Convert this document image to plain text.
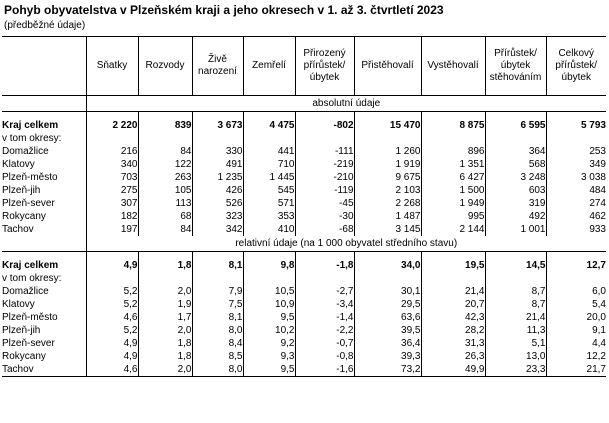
Pohyb obyvatelstva v Plzeňském kraji a jeho okresech v 1. až 3. čtvrtletí 2023
(předběžné údaje)
	Sňatky	Rozvody	Živě narození	Zemřelí	Přirozený přírůstek/ úbytek	Přistěhovalí	Vystěhovalí	Přírůstek/ úbytek stěhováním	Celkový přírůstek/ úbytek
	absolutní údaje								

Kraj celkem	2 220	839	3 673	4 475	-802	15 470	8 875	6 595	5 793
v tom okresy:									
Domažlice	216	84	330	441	-111	1 260	896	364	253
Klatovy	340	122	491	710	-219	1 919	1 351	568	349
Plzeň-město	703	263	1 235	1 445	-210	9 675	6 427	3 248	3 038
Plzeň-jih	275	105	426	545	-119	2 103	1 500	603	484
Plzeň-sever	307	113	526	571	-45	2 268	1 949	319	274
Rokycany	182	68	323	353	-30	1 487	995	492	462
Tachov	197	84	342	410	-68	3 145	2 144	1 001	933
	relativní údaje (na 1 000 obyvatel středního stavu)								

Kraj celkem	4,9	1,8	8,1	9,8	-1,8	34,0	19,5	14,5	12,7
v tom okresy:									
Domažlice	5,2	2,0	7,9	10,5	-2,7	30,1	21,4	8,7	6,0
Klatovy	5,2	1,9	7,5	10,9	-3,4	29,5	20,7	8,7	5,4
Plzeň-město	4,6	1,7	8,1	9,5	-1,4	63,6	42,3	21,4	20,0
Plzeň-jih	5,2	2,0	8,0	10,2	-2,2	39,5	28,2	11,3	9,1
Plzeň-sever	4,9	1,8	8,4	9,2	-0,7	36,4	31,3	5,1	4,4
Rokycany	4,9	1,8	8,5	9,3	-0,8	39,3	26,3	13,0	12,2
Tachov	4,6	2,0	8,0	9,5	-1,6	73,2	49,9	23,3	21,7
